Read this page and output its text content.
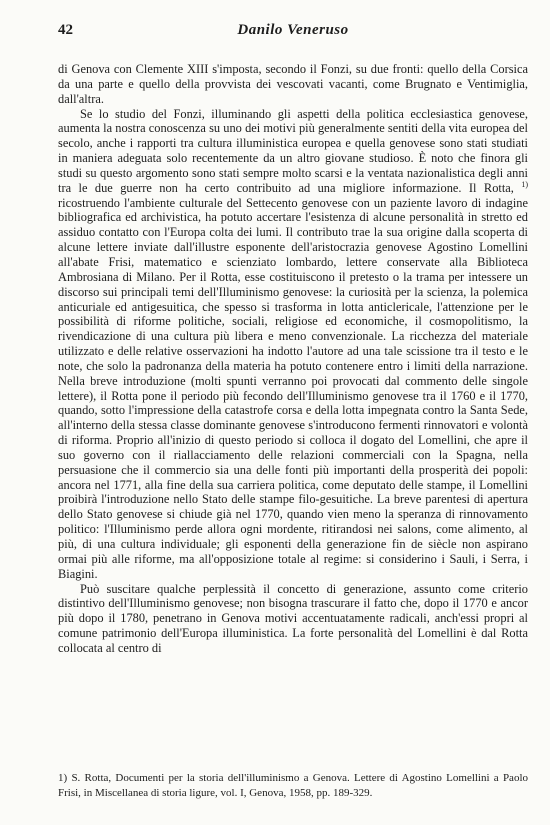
42	Danilo Veneruso

di Genova con Clemente XIII s'imposta, secondo il Fonzi, su due fronti: quello della Corsica da una parte e quello della provvista dei vescovati vacanti, come Brugnato e Ventimiglia, dall'altra.

Se lo studio del Fonzi, illuminando gli aspetti della politica ecclesiastica genovese, aumenta la nostra conoscenza su uno dei motivi più generalmente sentiti della vita europea del secolo, anche i rapporti tra cultura illuministica europea e quella genovese sono stati studiati in maniera adeguata solo recentemente da un altro giovane studioso. È noto che finora gli studi su questo argomento sono stati sempre molto scarsi e la ventata nazionalistica degli anni tra le due guerre non ha certo contribuito ad una migliore informazione. Il Rotta, $^{1)}$ ricostruendo l'ambiente culturale del Settecento genovese con un paziente lavoro di indagine bibliografica ed archivistica, ha potuto accertare l'esistenza di alcune personalità in stretto ed assiduo contatto con l'Europa colta dei lumi. Il contributo trae la sua origine dalla scoperta di alcune lettere inviate dall'illustre esponente dell'aristocrazia genovese Agostino Lomellini all'abate Frisi, matematico e scienziato lombardo, lettere conservate alla Biblioteca Ambrosiana di Milano. Per il Rotta, esse costituiscono il pretesto o la trama per intessere un discorso sui principali temi dell'Illuminismo genovese: la curiosità per la scienza, la polemica anticuriale ed antigesuitica, che spesso si trasforma in lotta anticlericale, l'attenzione per le possibilità di riforme politiche, sociali, religiose ed economiche, il cosmopolitismo, la rivendicazione di una cultura più libera e meno convenzionale. La ricchezza del materiale utilizzato e delle relative osservazioni ha indotto l'autore ad una tale scissione tra il testo e le note, che solo la padronanza della materia ha potuto contenere entro i limiti della narrazione. Nella breve introduzione (molti spunti verranno poi provocati dal commento delle singole lettere), il Rotta pone il periodo più fecondo dell'Illuminismo genovese tra il 1760 e il 1770, quando, sotto l'impressione della catastrofe corsa e della lotta impegnata contro la Santa Sede, all'interno della stessa classe dominante genovese s'introducono fermenti rinnovatori e volontà di riforma. Proprio all'inizio di questo periodo si colloca il dogato del Lomellini, che apre il suo governo con il riallacciamento delle relazioni commerciali con la Spagna, nella persuasione che il commercio sia una delle fonti più importanti della prosperità dei popoli: ancora nel 1771, alla fine della sua carriera politica, come deputato delle stampe, il Lomellini proibirà l'introduzione nello Stato delle stampe filo-gesuitiche. La breve parentesi di apertura dello Stato genovese si chiude già nel 1770, quando vien meno la speranza di rinnovamento politico: l'Illuminismo perde allora ogni mordente, ritirandosi nei salons, come alimento, al più, di una cultura individuale; gli esponenti della generazione fin de siècle non aspirano ormai più alle riforme, ma all'opposizione totale al regime: si considerino i Sauli, i Serra, i Biagini.

Può suscitare qualche perplessità il concetto di generazione, assunto come criterio distintivo dell'Illuminismo genovese; non bisogna trascurare il fatto che, dopo il 1770 e ancor più dopo il 1780, penetrano in Genova motivi accentuatamente radicali, anch'essi propri al comune patrimonio dell'Europa illuministica. La forte personalità del Lomellini è dal Rotta collocata al centro di

1) S. Rotta, Documenti per la storia dell'illuminismo a Genova. Lettere di Agostino Lomellini a Paolo Frisi, in Miscellanea di storia ligure, vol. I, Genova, 1958, pp. 189-329.
